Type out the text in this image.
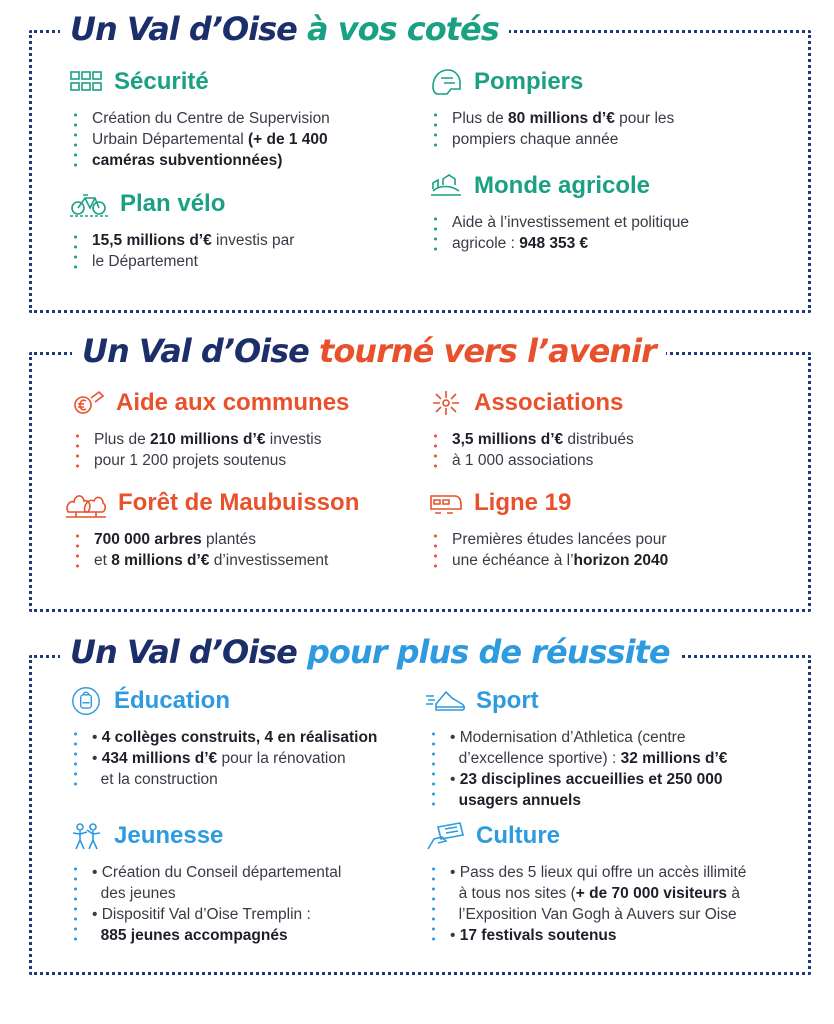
Un Val d’Oise à vos cotés
Un Val d’Oise tourné vers l’avenir
Un Val d’Oise pour plus de réussite
Sécurité
Création du Centre de Supervision
Urbain Départemental (+ de 1 400
caméras subventionnées)
Pompiers
Plus de 80 millions d’€ pour les
pompiers chaque année
Plan vélo
15,5 millions d’€ investis par
le Département
Monde agricole
Aide à l’investissement et politique
agricole : 948 353 €
Aide aux communes
Plus de 210 millions d’€ investis
pour 1 200 projets soutenus
Associations
3,5 millions d’€ distribués
à 1 000 associations
Forêt de Maubuisson
700 000 arbres plantés
et 8 millions d’€ d’investissement
Ligne 19
Premières études lancées pour
une échéance à l’horizon 2040
Éducation
• 4 collèges construits, 4 en réalisation
• 434 millions d’€ pour la rénovation
et la construction
Sport
• Modernisation d’Athletica (centre
d’excellence sportive) : 32 millions d’€
• 23 disciplines accueillies et 250 000
usagers annuels
Jeunesse
• Création du Conseil départemental
des jeunes
• Dispositif Val d’Oise Tremplin :
885 jeunes accompagnés
Culture
• Pass des 5 lieux qui offre un accès illimité
à tous nos sites (+ de 70 000 visiteurs à
l’Exposition Van Gogh à Auvers sur Oise
• 17 festivals soutenus
